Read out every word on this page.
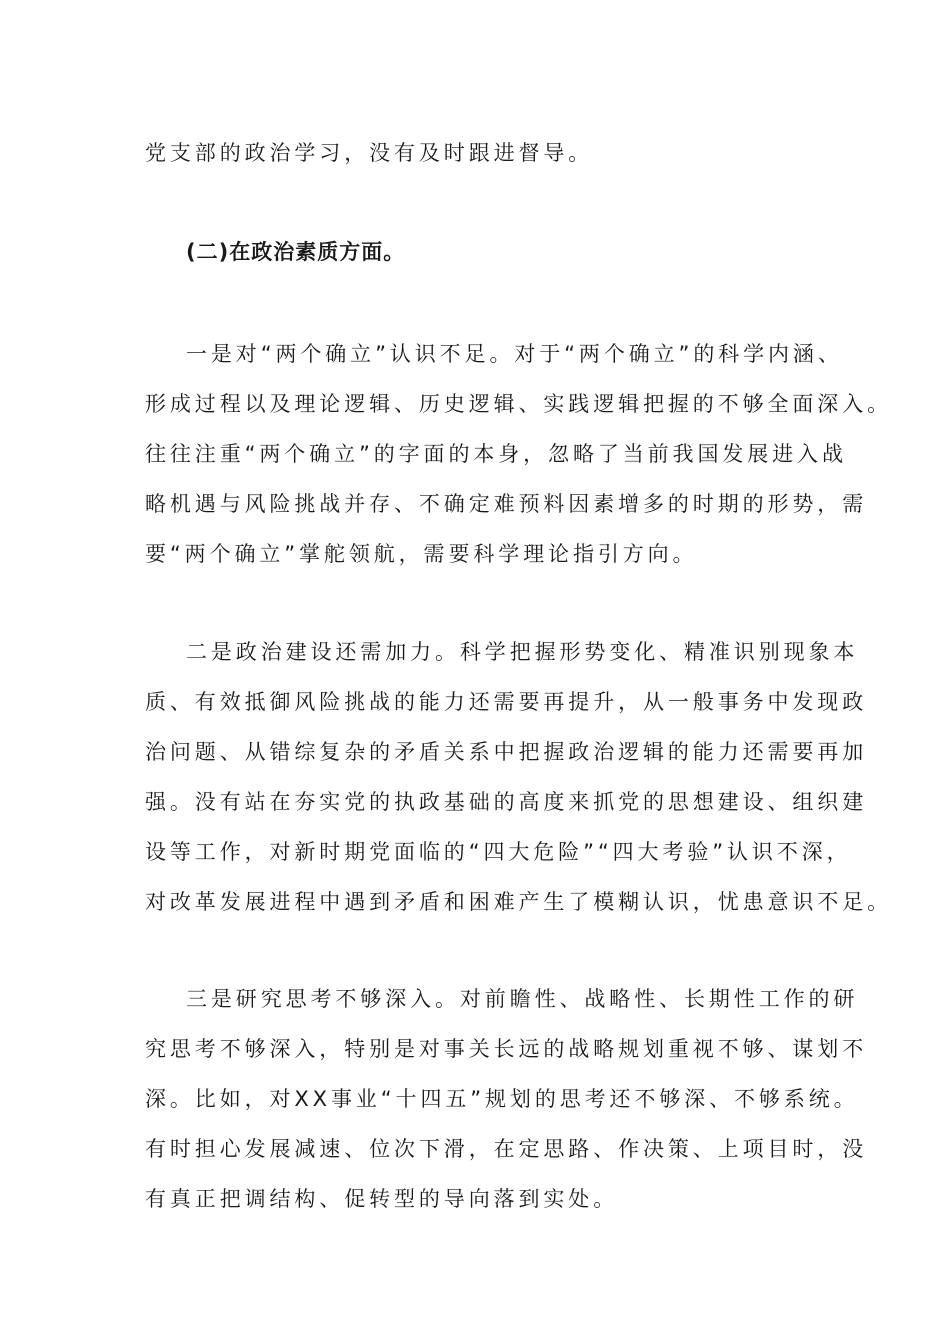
党支部的政治学习，没有及时跟进督导。

(二)在政治素质方面。

一是对“两个确立”认识不足。对于“两个确立”的科学内涵、

形成过程以及理论逻辑、历史逻辑、实践逻辑把握的不够全面深入。

往往注重“两个确立”的字面的本身，忽略了当前我国发展进入战

略机遇与风险挑战并存、不确定难预料因素增多的时期的形势，需

要“两个确立”掌舵领航，需要科学理论指引方向。

二是政治建设还需加力。科学把握形势变化、精准识别现象本

质、有效抵御风险挑战的能力还需要再提升，从一般事务中发现政

治问题、从错综复杂的矛盾关系中把握政治逻辑的能力还需要再加

强。没有站在夯实党的执政基础的高度来抓党的思想建设、组织建

设等工作，对新时期党面临的“四大危险”“四大考验”认识不深，

对改革发展进程中遇到矛盾和困难产生了模糊认识，忧患意识不足。

三是研究思考不够深入。对前瞻性、战略性、长期性工作的研

究思考不够深入，特别是对事关长远的战略规划重视不够、谋划不

深。比如，对XX事业“十四五”规划的思考还不够深、不够系统。

有时担心发展减速、位次下滑，在定思路、作决策、上项目时，没

有真正把调结构、促转型的导向落到实处。
